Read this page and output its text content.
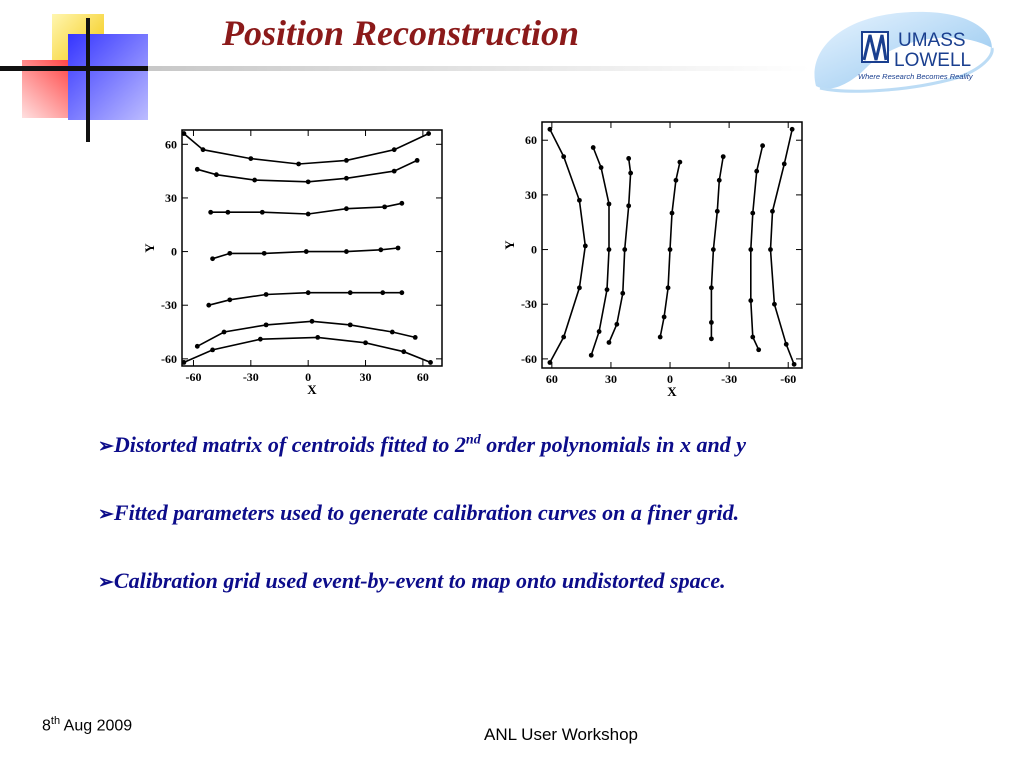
Position Reconstruction	UMASS
LOWELL
Where Research Becomes Reality
-60	-30	0	30	60
60
30
0
-30
-60
X
Y
60	30	0	-30	-60
60
30
0
-30
-60
X
Y
➢Distorted matrix of centroids fitted to 2nd order polynomials in x and y
➢Fitted parameters used to generate calibration curves on a finer grid.
➢Calibration grid used event-by-event to map onto undistorted space.
8th Aug 2009	ANL User Workshop
